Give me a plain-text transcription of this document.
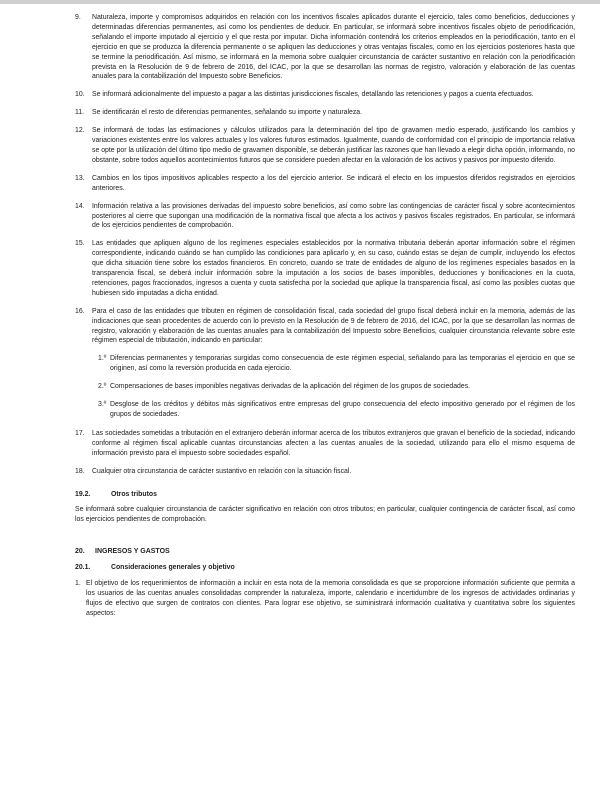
9.	Naturaleza, importe y compromisos adquiridos en relación con los incentivos fiscales aplicados durante el ejercicio, tales como beneficios, deducciones y determinadas diferencias permanentes, así como los pendientes de deducir. En particular, se informará sobre incentivos fiscales objeto de periodificación, señalando el importe imputado al ejercicio y el que resta por imputar. Dicha información contendrá los criterios empleados en la periodificación, tanto en el ejercicio en que se produzca la diferencia permanente o se apliquen las deducciones y otras ventajas fiscales, como en los ejercicios posteriores hasta que se termine la periodificación. Así mismo, se informará en la memoria sobre cualquier circunstancia de carácter sustantivo en relación con la periodificación prevista en la Resolución de 9 de febrero de 2016, del ICAC, por la que se desarrollan las normas de registro, valoración y elaboración de las cuentas anuales para la contabilización del Impuesto sobre Beneficios.
10.	Se informará adicionalmente del impuesto a pagar a las distintas jurisdicciones fiscales, detallando las retenciones y pagos a cuenta efectuados.
11.	Se identificarán el resto de diferencias permanentes, señalando su importe y naturaleza.
12.	Se informará de todas las estimaciones y cálculos utilizados para la determinación del tipo de gravamen medio esperado, justificando los cambios y variaciones existentes entre los valores actuales y los valores futuros estimados. Igualmente, cuando de conformidad con el principio de importancia relativa se opte por la utilización del último tipo medio de gravamen disponible, se deberán justificar las razones que han llevado a elegir dicha opción, informando, no obstante, sobre todos aquellos acontecimientos futuros que se considere pueden afectar en la valoración de los activos y pasivos por impuesto diferido.
13.	Cambios en los tipos impositivos aplicables respecto a los del ejercicio anterior. Se indicará el efecto en los impuestos diferidos registrados en ejercicios anteriores.
14.	Información relativa a las provisiones derivadas del impuesto sobre beneficios, así como sobre las contingencias de carácter fiscal y sobre acontecimientos posteriores al cierre que supongan una modificación de la normativa fiscal que afecta a los activos y pasivos fiscales registrados. En particular, se informará de los ejercicios pendientes de comprobación.
15.	Las entidades que apliquen alguno de los regímenes especiales establecidos por la normativa tributaria deberán aportar información sobre el régimen correspondiente, indicando cuándo se han cumplido las condiciones para aplicarlo y, en su caso, cuándo estas se dejan de cumplir, incluyendo los efectos que dicha situación tiene sobre los estados financieros. En concreto, cuando se trate de entidades de alguno de los regímenes especiales basados en la transparencia fiscal, se deberá incluir información sobre la imputación a los socios de bases imponibles, deducciones y bonificaciones en la cuota, retenciones, pagos fraccionados, ingresos a cuenta y cuota satisfecha por la sociedad que aplique la transparencia fiscal, así como las posibles cuotas que hubiesen sido imputadas a dicha entidad.
16.	Para el caso de las entidades que tributen en régimen de consolidación fiscal, cada sociedad del grupo fiscal deberá incluir en la memoria, además de las indicaciones que sean procedentes de acuerdo con lo previsto en la Resolución de 9 de febrero de 2016, del ICAC, por la que se desarrollan las normas de registro, valoración y elaboración de las cuentas anuales para la contabilización del Impuesto sobre Beneficios, cualquier circunstancia relevante sobre este régimen especial de tributación, indicando en particular:
1.º Diferencias permanentes y temporarias surgidas como consecuencia de este régimen especial, señalando para las temporarias el ejercicio en que se originen, así como la reversión producida en cada ejercicio.
2.º Compensaciones de bases imponibles negativas derivadas de la aplicación del régimen de los grupos de sociedades.
3.º Desglose de los créditos y débitos más significativos entre empresas del grupo consecuencia del efecto impositivo generado por el régimen de los grupos de sociedades.
17.	Las sociedades sometidas a tributación en el extranjero deberán informar acerca de los tributos extranjeros que gravan el beneficio de la sociedad, indicando conforme al régimen fiscal aplicable cuantas circunstancias afecten a las cuentas anuales de la sociedad, utilizando para ello el mismo esquema de información previsto para el impuesto sobre sociedades español.
18.	Cualquier otra circunstancia de carácter sustantivo en relación con la situación fiscal.
19.2.	Otros tributos
Se informará sobre cualquier circunstancia de carácter significativo en relación con otros tributos; en particular, cualquier contingencia de carácter fiscal, así como los ejercicios pendientes de comprobación.
20.	INGRESOS Y GASTOS
20.1.	Consideraciones generales y objetivo
1. El objetivo de los requerimientos de información a incluir en esta nota de la memoria consolidada es que se proporcione información suficiente que permita a los usuarios de las cuentas anuales consolidadas comprender la naturaleza, importe, calendario e incertidumbre de los ingresos de actividades ordinarias y flujos de efectivo que surgen de contratos con clientes. Para lograr ese objetivo, se suministrará información cualitativa y cuantitativa sobre los siguientes aspectos:
